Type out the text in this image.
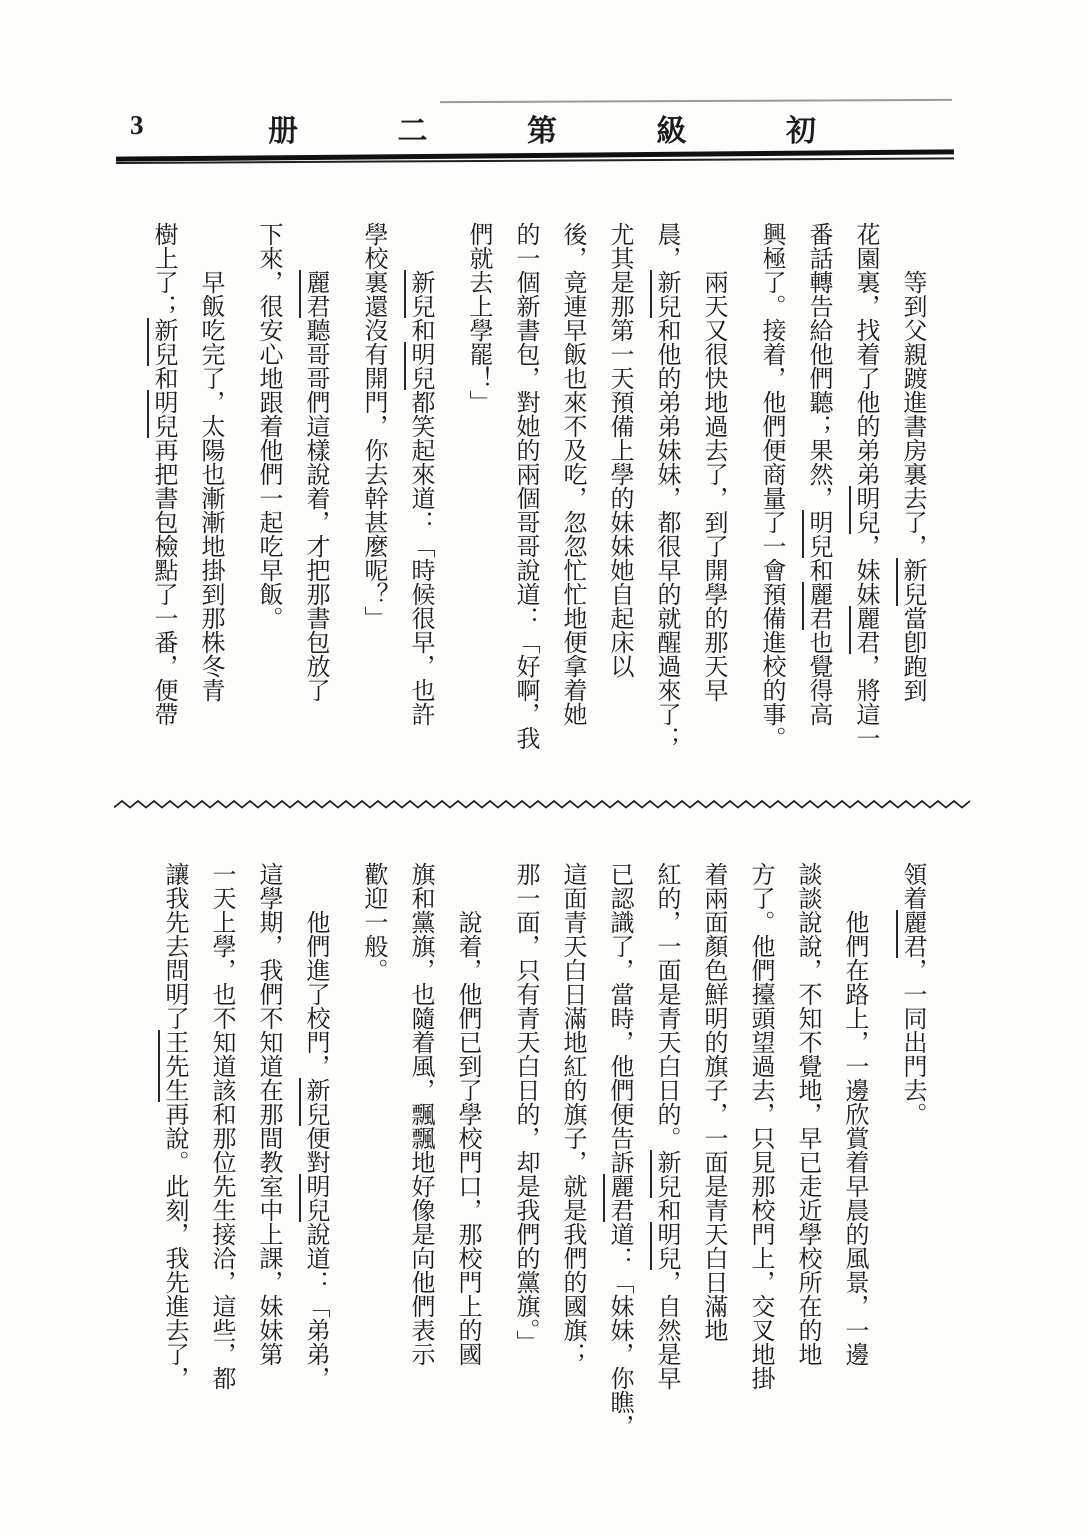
3	册	二	第	級	初
　　等到父親踱進書房裏去了，新兒當卽跑到
花園裏，找着了他的弟弟明兒，妹妹麗君，將這一
番話轉告給他們聽；果然，明兒和麗君也覺得高
興極了。接着，他們便商量了一會預備進校的事。
　　兩天又很快地過去了，到了開學的那天早
晨，新兒和他的弟弟妹妹，都很早的就醒過來了；
尤其是那第一天預備上學的妹妹她自起床以
後，竟連早飯也來不及吃，忽忽忙忙地便拿着她
的一個新書包，對她的兩個哥哥說道：「好啊，我
們就去上學罷！」
　　新兒和明兒都笑起來道：「時候很早，也許
學校裏還沒有開門，你去幹甚麼呢？」
　　麗君聽哥哥們這樣說着，才把那書包放了
下來，很安心地跟着他們一起吃早飯。
　　早飯吃完了，太陽也漸漸地掛到那株冬青
樹上了；新兒和明兒再把書包檢點了一番，便帶
領着麗君，一同出門去。
　　他們在路上，一邊欣賞着早晨的風景，一邊
談談說說，不知不覺地，早已走近學校所在的地
方了。他們擡頭望過去，只見那校門上，交叉地掛
着兩面顏色鮮明的旗子，一面是青天白日滿地
紅的，一面是青天白日的。新兒和明兒，自然是早
已認識了，當時，他們便告訴麗君道：「妹妹，你瞧，
這面青天白日滿地紅的旗子，就是我們的國旗；
那一面，只有青天白日的，却是我們的黨旗。」
　　說着，他們已到了學校門口，那校門上的國
旗和黨旗，也隨着風，飄飄地好像是向他們表示
歡迎一般。
　　他們進了校門，新兒便對明兒說道：「弟弟，
這學期，我們不知道在那間教室中上課，妹妹第
一天上學，也不知道該和那位先生接洽，這些，都
讓我先去問明了王先生再說。此刻，我先進去了，
